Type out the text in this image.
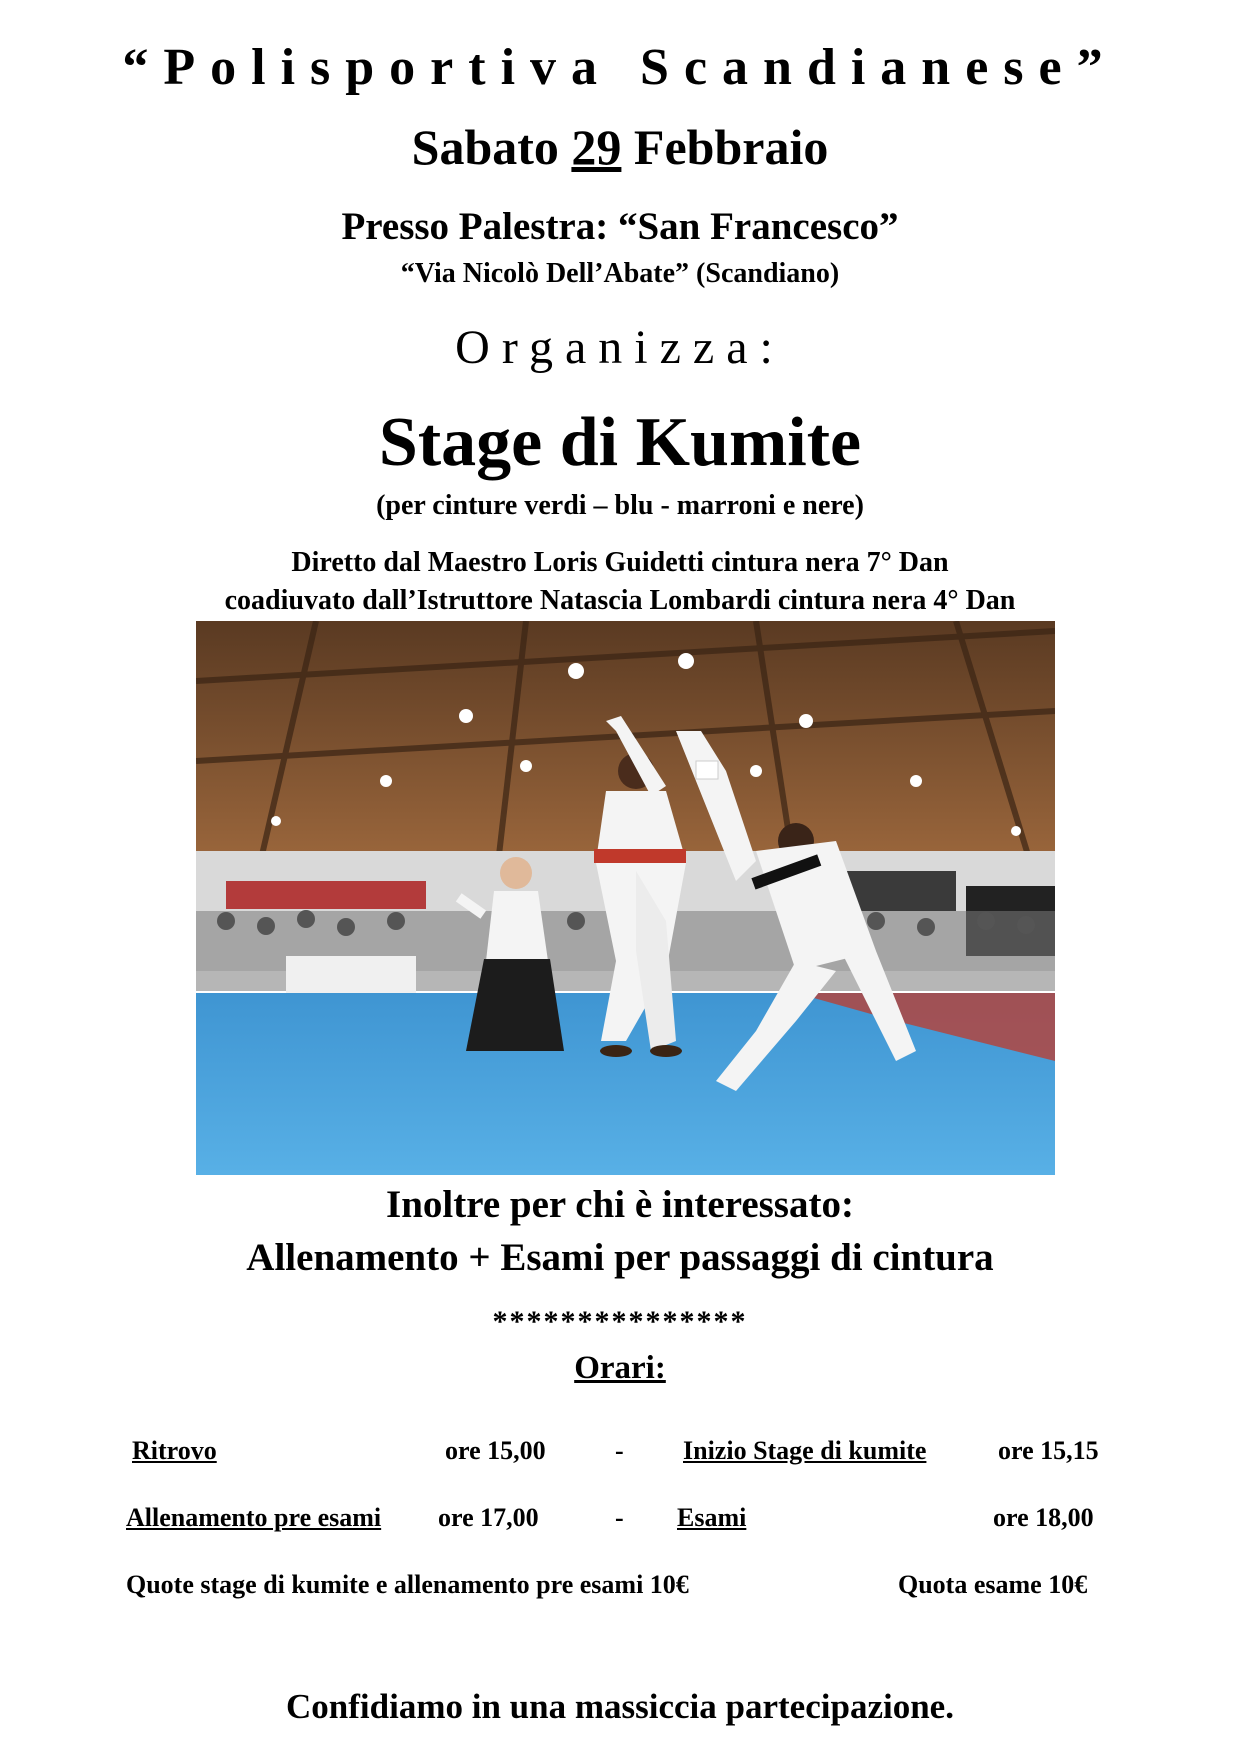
“Polisportiva Scandianese”
Sabato 29 Febbraio
Presso Palestra: “San Francesco”
“Via Nicolò Dell’Abate” (Scandiano)
Organizza:
Stage di Kumite
(per cinture verdi – blu - marroni e nere)
Diretto dal Maestro Loris Guidetti cintura nera 7° Dan
coadiuvato dall’Istruttore Natascia Lombardi cintura nera 4° Dan
Inoltre per chi è interessato:
Allenamento + Esami per passaggi di cintura
***************
Orari:
Ritrovo	ore 15,00	- Inizio Stage di kumite	ore 15,15
Allenamento pre esami ore 17,00	- Esami	ore 18,00
Quote stage di kumite e allenamento pre esami 10€	Quota esame 10€
Confidiamo in una massiccia partecipazione.
